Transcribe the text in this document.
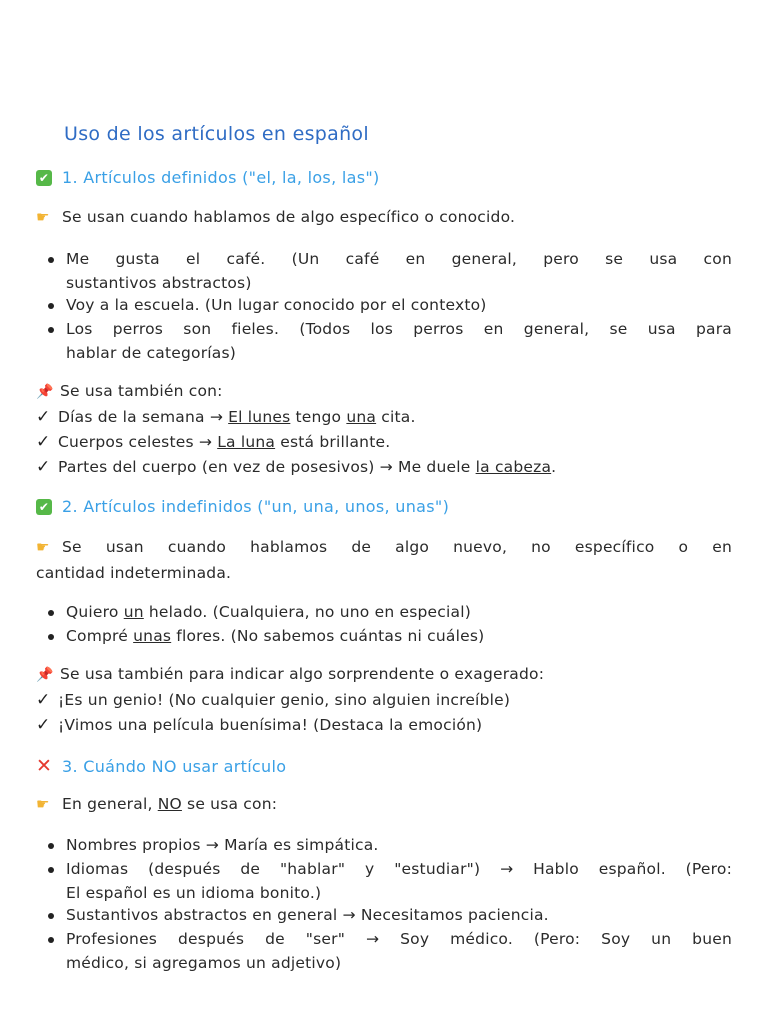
Uso de los artículos en español
✔ 1. Artículos definidos ("el, la, los, las")
☛ Se usan cuando hablamos de algo específico o conocido.
Me gusta el café. (Un café en general, pero se usa con
sustantivos abstractos)
Voy a la escuela. (Un lugar conocido por el contexto)
Los perros son fieles. (Todos los perros en general, se usa para
hablar de categorías)
📌 Se usa también con:
✓ Días de la semana → El lunes tengo una cita.
✓ Cuerpos celestes → La luna está brillante.
✓ Partes del cuerpo (en vez de posesivos) → Me duele la cabeza.
✔ 2. Artículos indefinidos ("un, una, unos, unas")
☛ Se usan cuando hablamos de algo nuevo, no específico o en
cantidad indeterminada.
Quiero un helado. (Cualquiera, no uno en especial)
Compré unas flores. (No sabemos cuántas ni cuáles)
📌 Se usa también para indicar algo sorprendente o exagerado:
✓ ¡Es un genio! (No cualquier genio, sino alguien increíble)
✓ ¡Vimos una película buenísima! (Destaca la emoción)
✕ 3. Cuándo NO usar artículo
☛ En general, NO se usa con:
Nombres propios → María es simpática.
Idiomas (después de "hablar" y "estudiar") → Hablo español. (Pero:
El español es un idioma bonito.)
Sustantivos abstractos en general → Necesitamos paciencia.
Profesiones después de "ser" → Soy médico. (Pero: Soy un buen
médico, si agregamos un adjetivo)
